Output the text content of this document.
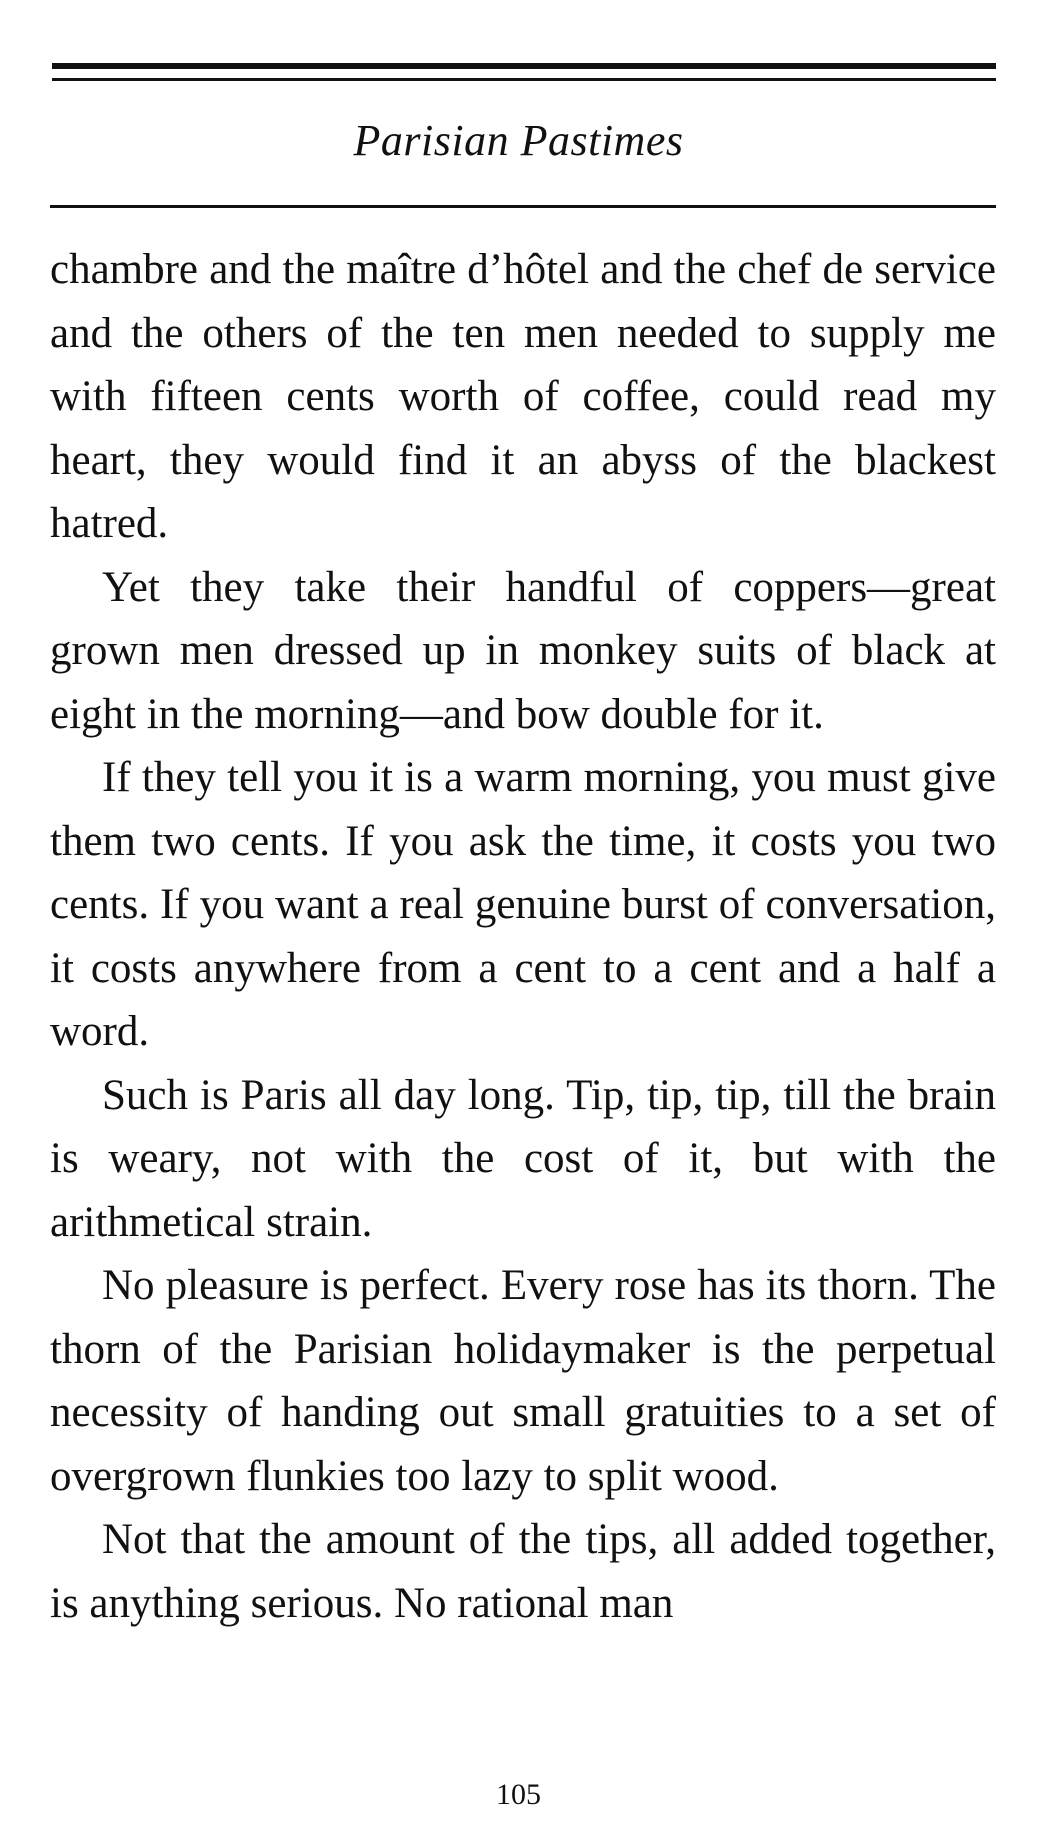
Parisian Pastimes

chambre and the maître d’hôtel and the chef de service and the others of the ten men needed to supply me with fifteen cents worth of coffee, could read my heart, they would find it an abyss of the blackest hatred.

Yet they take their handful of coppers—great grown men dressed up in monkey suits of black at eight in the morning—and bow double for it.

If they tell you it is a warm morning, you must give them two cents. If you ask the time, it costs you two cents. If you want a real genuine burst of conversation, it costs anywhere from a cent to a cent and a half a word.

Such is Paris all day long. Tip, tip, tip, till the brain is weary, not with the cost of it, but with the arithmetical strain.

No pleasure is perfect. Every rose has its thorn. The thorn of the Parisian holidaymaker is the perpetual necessity of handing out small gratuities to a set of overgrown flunkies too lazy to split wood.

Not that the amount of the tips, all added together, is anything serious. No rational man

105
